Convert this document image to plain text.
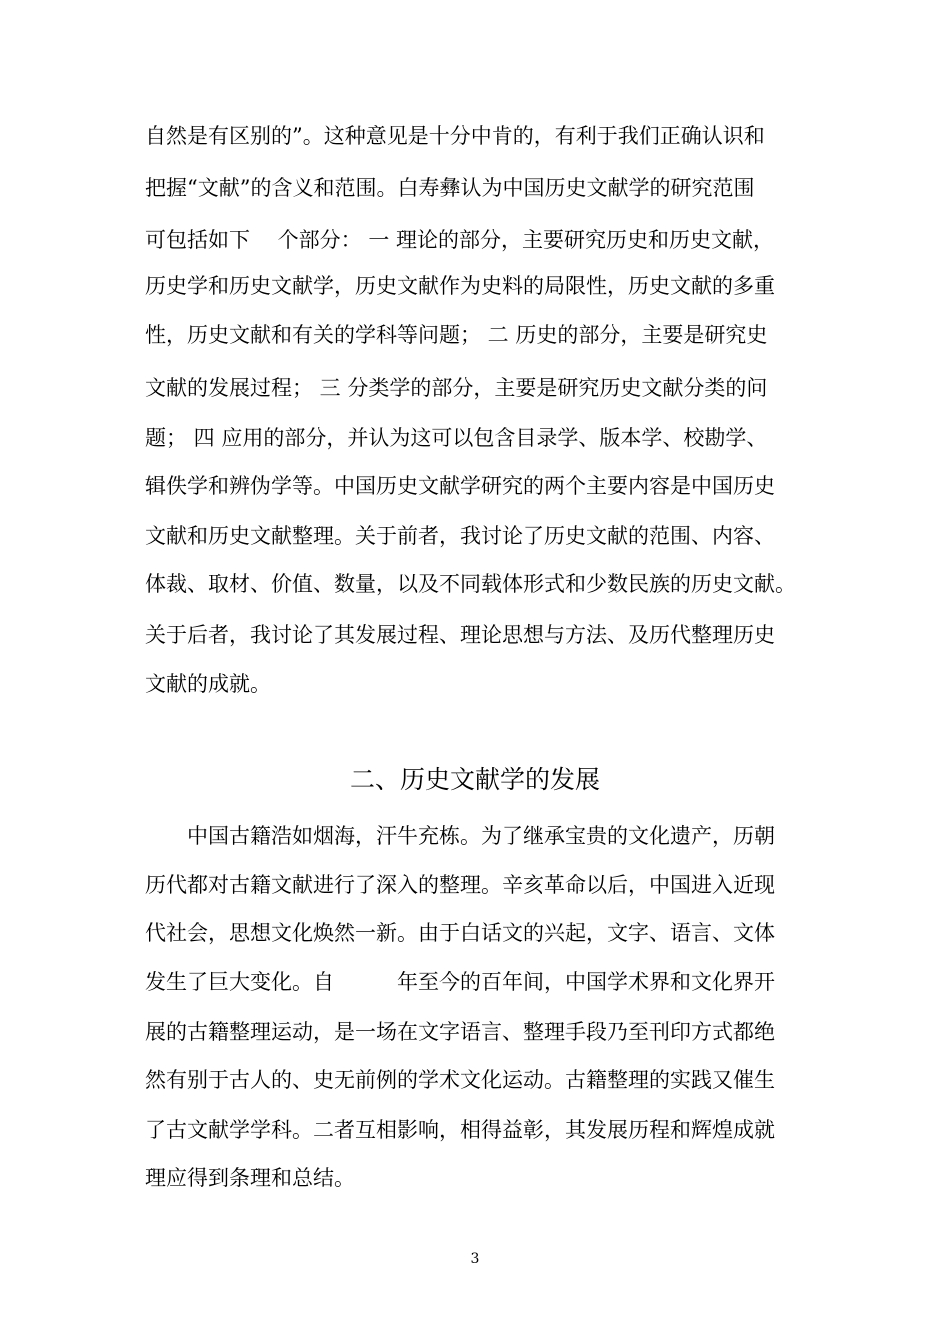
自然是有区别的”。这种意见是十分中肯的，有利于我们正确认识和
把握“文献”的含义和范围。白寿彝认为中国历史文献学的研究范围
可包括如下　 个部分： 一 理论的部分，主要研究历史和历史文献，
历史学和历史文献学，历史文献作为史料的局限性，历史文献的多重
性，历史文献和有关的学科等问题； 二 历史的部分，主要是研究史
文献的发展过程； 三 分类学的部分，主要是研究历史文献分类的问
题； 四 应用的部分，并认为这可以包含目录学、版本学、校勘学、
辑佚学和辨伪学等。中国历史文献学研究的两个主要内容是中国历史
文献和历史文献整理。关于前者，我讨论了历史文献的范围、内容、
体裁、取材、价值、数量，以及不同载体形式和少数民族的历史文献。
关于后者，我讨论了其发展过程、理论思想与方法、及历代整理历史
文献的成就。
二、历史文献学的发展
　　中国古籍浩如烟海，汗牛充栋。为了继承宝贵的文化遗产，历朝
历代都对古籍文献进行了深入的整理。辛亥革命以后，中国进入近现
代社会，思想文化焕然一新。由于白话文的兴起，文字、语言、文体
发生了巨大变化。自　　　年至今的百年间，中国学术界和文化界开
展的古籍整理运动，是一场在文字语言、整理手段乃至刊印方式都绝
然有别于古人的、史无前例的学术文化运动。古籍整理的实践又催生
了古文献学学科。二者互相影响，相得益彰，其发展历程和辉煌成就
理应得到条理和总结。
3
